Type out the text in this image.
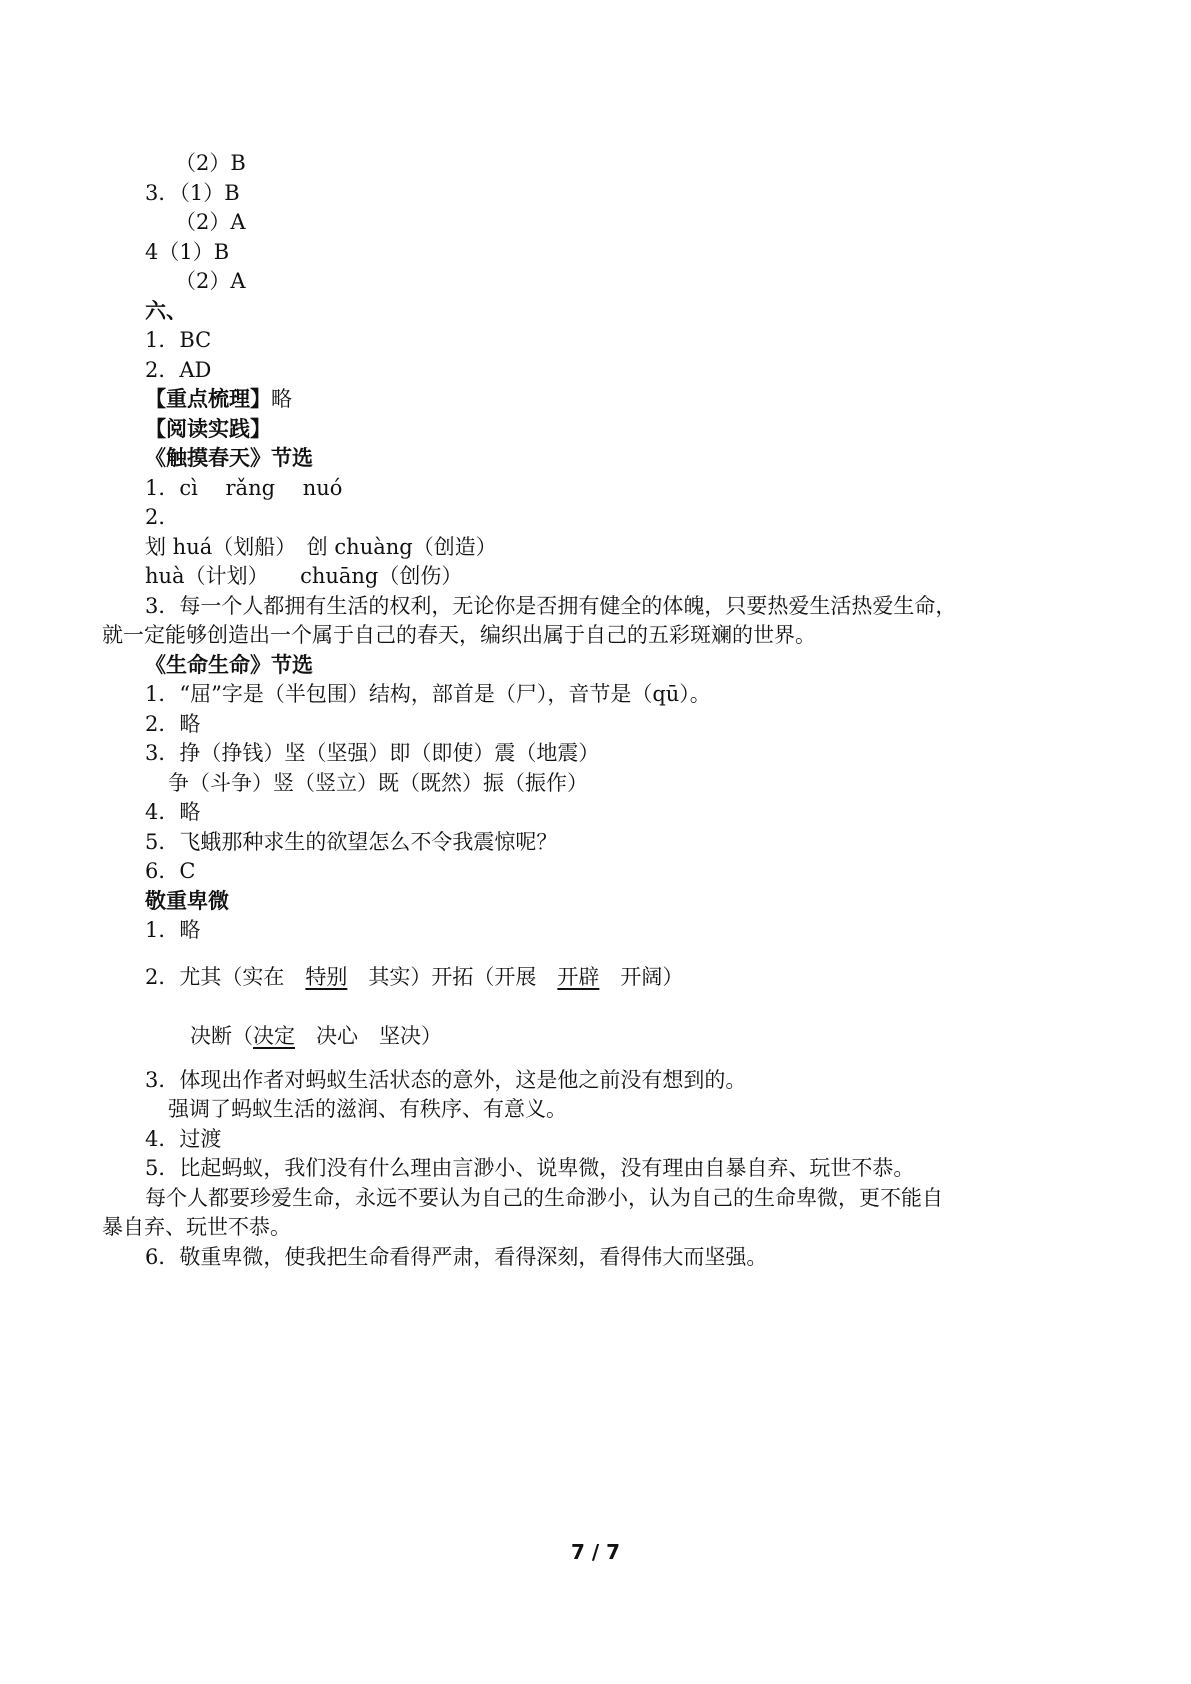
（2）B
3．（1）B
（2）A
4（1）B
（2）A
六、
1．BC
2．AD
【重点梳理】略
【阅读实践】
《触摸春天》节选
1．cì　 rǎng　 nuó
2．
划 huá（划船）　创 chuàng（创造）
huà（计划）　　chuāng（创伤）
3．每一个人都拥有生活的权利，无论你是否拥有健全的体魄，只要热爱生活热爱生命，
就一定能够创造出一个属于自己的春天，编织出属于自己的五彩斑斓的世界。
《生命生命》节选
1．“屈”字是（半包围）结构，部首是（尸），音节是（qū）。
2．略
3．挣（挣钱）坚（坚强）即（即使）震（地震）
争（斗争）竖（竖立）既（既然）振（振作）
4．略
5．飞蛾那种求生的欲望怎么不令我震惊呢？
6．C
敬重卑微
1．略
2．尤其（实在　特别　其实）开拓（开展　开辟　开阔）
决断（决定　决心　坚决）
3．体现出作者对蚂蚁生活状态的意外，这是他之前没有想到的。
强调了蚂蚁生活的滋润、有秩序、有意义。
4．过渡
5．比起蚂蚁，我们没有什么理由言渺小、说卑微，没有理由自暴自弃、玩世不恭。
每个人都要珍爱生命，永远不要认为自己的生命渺小，认为自己的生命卑微，更不能自
暴自弃、玩世不恭。
6．敬重卑微，使我把生命看得严肃，看得深刻，看得伟大而坚强。
7 / 7
